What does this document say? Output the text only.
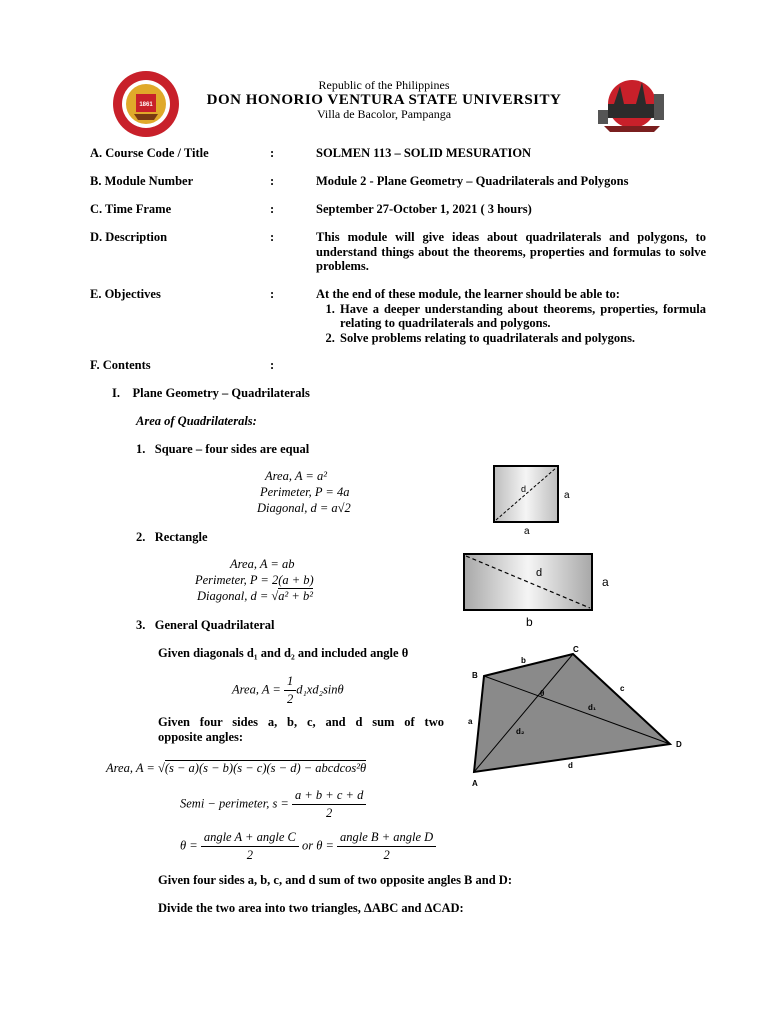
1861
Republic of the Philippines
DON HONORIO VENTURA STATE UNIVERSITY
Villa de Bacolor, Pampanga
A. Course Code / Title	:	SOLMEN 113 – SOLID MESURATION
B. Module Number	:	Module 2 - Plane Geometry – Quadrilaterals and Polygons
C. Time Frame	:	September 27-October 1, 2021 ( 3 hours)
D. Description	:	This module will give ideas about quadrilaterals and polygons, to understand things about the theorems, properties and formulas to solve problems.
E. Objectives	:	At the end of these module, the learner should be able to:
1. Have a deeper understanding about theorems, properties, formula relating to quadrilaterals and polygons.
2. Solve problems relating to quadrilaterals and polygons.
F. Contents	:
I.    Plane Geometry – Quadrilaterals
Area of Quadrilaterals:
1.   Square – four sides are equal
Area, A = a²
Perimeter, P = 4a
Diagonal, d = a√2
d
a
a
2.   Rectangle
Area, A = ab
Perimeter, P = 2(a + b)
Diagonal, d = √a² + b²
d
a
b
3.   General Quadrilateral
Given diagonals d₁ and d₂ and included angle θ
Area, $A = \frac{1}{2} d_1xd_2\sin\theta$
Given four sides a, b, c, and d sum of two
opposite angles:
Area, A = √(s − a)(s − b)(s − c)(s − d) − abcdcos²θ
Semi − perimeter, $s = \frac{a + b + c + d}{2}$
$\theta = \frac{\text{angle A + angle C}}{2}$ or $\theta = \frac{\text{angle B + angle D}}{2}$
B
C
D
A
b
c
d
a
θ
d₁
d₂
Given four sides a, b, c, and d sum of two opposite angles B and D:
Divide the two area into two triangles, ΔABC and ΔCAD:
